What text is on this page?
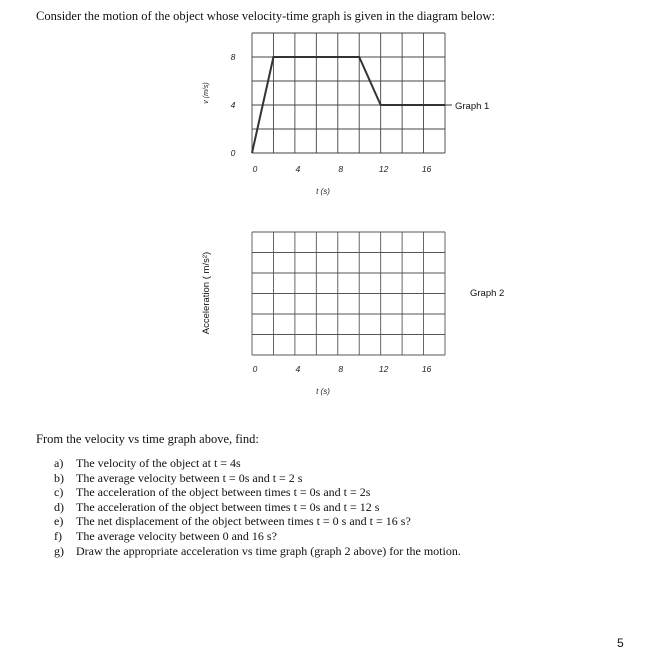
Consider the motion of the object whose velocity-time graph is given in the diagram below:
Graph 1
8
4
0
0	4	8	12	16
t (s)
v (m/s)
Graph 2
0	4	8	12	16
t (s)
Acceleration ( m/s²)
From the velocity vs time graph above, find:
a)	The velocity of the object at t = 4s
b)	The average velocity between t = 0s and t = 2 s
c)	The acceleration of the object between times t = 0s and t = 2s
d)	The acceleration of the object between times t = 0s and t = 12 s
e)	The net displacement of the object between times t = 0 s and t = 16 s?
f)	The average velocity between 0 and 16 s?
g)	Draw the appropriate acceleration vs time graph (graph 2 above) for the motion.
5
